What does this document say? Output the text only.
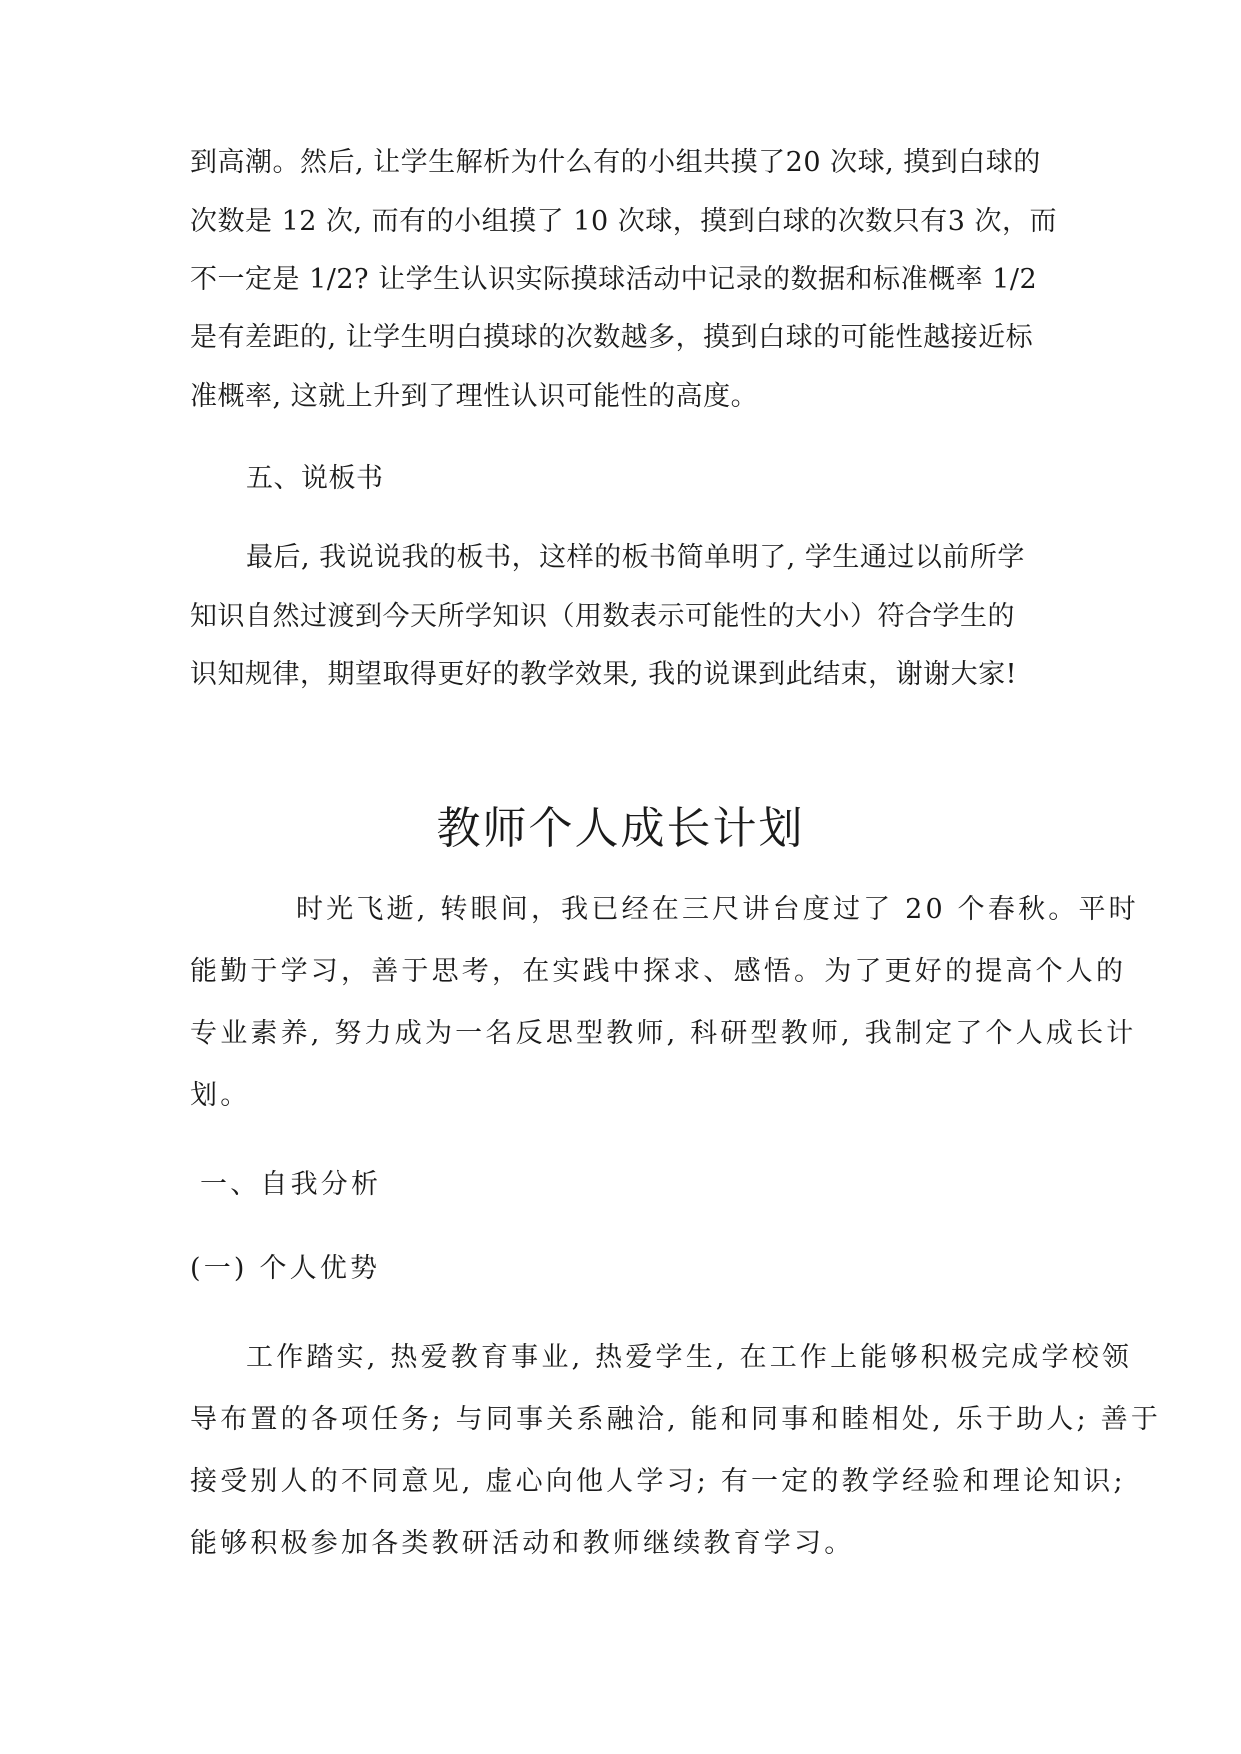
到高潮。然后, 让学生解析为什么有的小组共摸了20 次球, 摸到白球的
次数是 12 次, 而有的小组摸了 10 次球，摸到白球的次数只有3 次，而
不一定是 1/2? 让学生认识实际摸球活动中记录的数据和标准概率 1/2
是有差距的, 让学生明白摸球的次数越多，摸到白球的可能性越接近标
准概率, 这就上升到了理性认识可能性的高度。
五、说板书
最后, 我说说我的板书，这样的板书简单明了, 学生通过以前所学
知识自然过渡到今天所学知识（用数表示可能性的大小）符合学生的
识知规律，期望取得更好的教学效果, 我的说课到此结束，谢谢大家!
教师个人成长计划
时光飞逝, 转眼间，我已经在三尺讲台度过了 20 个春秋。平时
能勤于学习，善于思考，在实践中探求、感悟。为了更好的提高个人的
专业素养, 努力成为一名反思型教师, 科研型教师, 我制定了个人成长计
划。
一、自我分析
(一) 个人优势
工作踏实, 热爱教育事业, 热爱学生, 在工作上能够积极完成学校领
导布置的各项任务; 与同事关系融洽, 能和同事和睦相处, 乐于助人; 善于
接受别人的不同意见, 虚心向他人学习; 有一定的教学经验和理论知识;
能够积极参加各类教研活动和教师继续教育学习。
